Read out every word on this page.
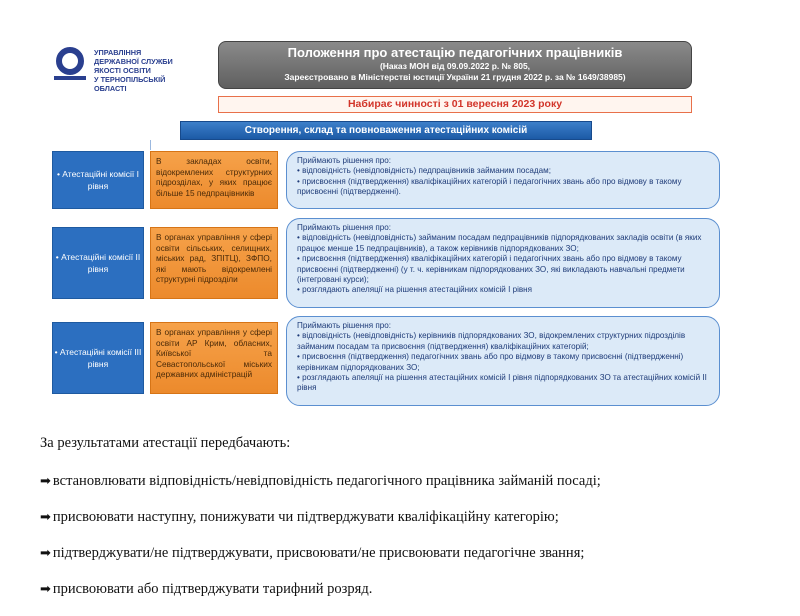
УПРАВЛІННЯ
ДЕРЖАВНОЇ СЛУЖБИ
ЯКОСТІ ОСВІТИ
У ТЕРНОПІЛЬСЬКІЙ
ОБЛАСТІ
Положення про атестацію педагогічних працівників
(Наказ МОН від 09.09.2022 р. № 805,
Зареєстровано в Міністерстві юстиції України 21 грудня 2022 р. за № 1649/38985)
Набирає чинності з 01 вересня 2023 року
Створення, склад та повноваження атестаційних комісій
• Атестаційні комісії І рівня
В закладах освіти, відокремлених структурних підрозділах, у яких працює більше 15 педпрацівників
Приймають рішення про:
• відповідність (невідповідність) педпрацівників займаним посадам;
• присвоєння (підтвердження) кваліфікаційних категорій і педагогічних звань або про відмову в такому присвоєнні (підтвердженні).
• Атестаційні комісії ІІ рівня
В органах управління у сфері освіти сільських, селищних, міських рад, ЗПІТЦ), ЗФПО, які мають відокремлені структурні підрозділи
Приймають рішення про:
• відповідність (невідповідність) займаним посадам педпрацівників підпорядкованих закладів освіти (в яких працює менше 15 педпрацівників), а також керівників підпорядкованих ЗО;
• присвоєння (підтвердження) кваліфікаційних категорій і педагогічних звань або про відмову в такому присвоєнні (підтвердженні) (у т. ч. керівникам підпорядкованих ЗО, які викладають навчальні предмети (інтегровані курси);
• розглядають апеляції на рішення атестаційних комісій І рівня
• Атестаційні комісії ІІІ рівня
В органах управління у сфері освіти АР Крим, обласних, Київської та Севастопольської міських державних адміністрацій
Приймають рішення про:
• відповідність (невідповідність) керівників підпорядкованих ЗО, відокремлених структурних підрозділів займаним посадам та присвоєння (підтвердження) кваліфікаційних категорій;
• присвоєння (підтвердження) педагогічних звань або про відмову в такому присвоєнні (підтвердженні) керівникам підпорядкованих ЗО;
• розглядають апеляції на рішення атестаційних комісій І рівня підпорядкованих ЗО та атестаційних комісій ІІ рівня
За результатами атестації передбачають:
➡ встановлювати відповідність/невідповідність педагогічного працівника займаній посаді;
➡ присвоювати наступну, понижувати чи підтверджувати кваліфікаційну категорію;
➡ підтверджувати/не підтверджувати, присвоювати/не присвоювати педагогічне звання;
➡ присвоювати або підтверджувати тарифний розряд.
